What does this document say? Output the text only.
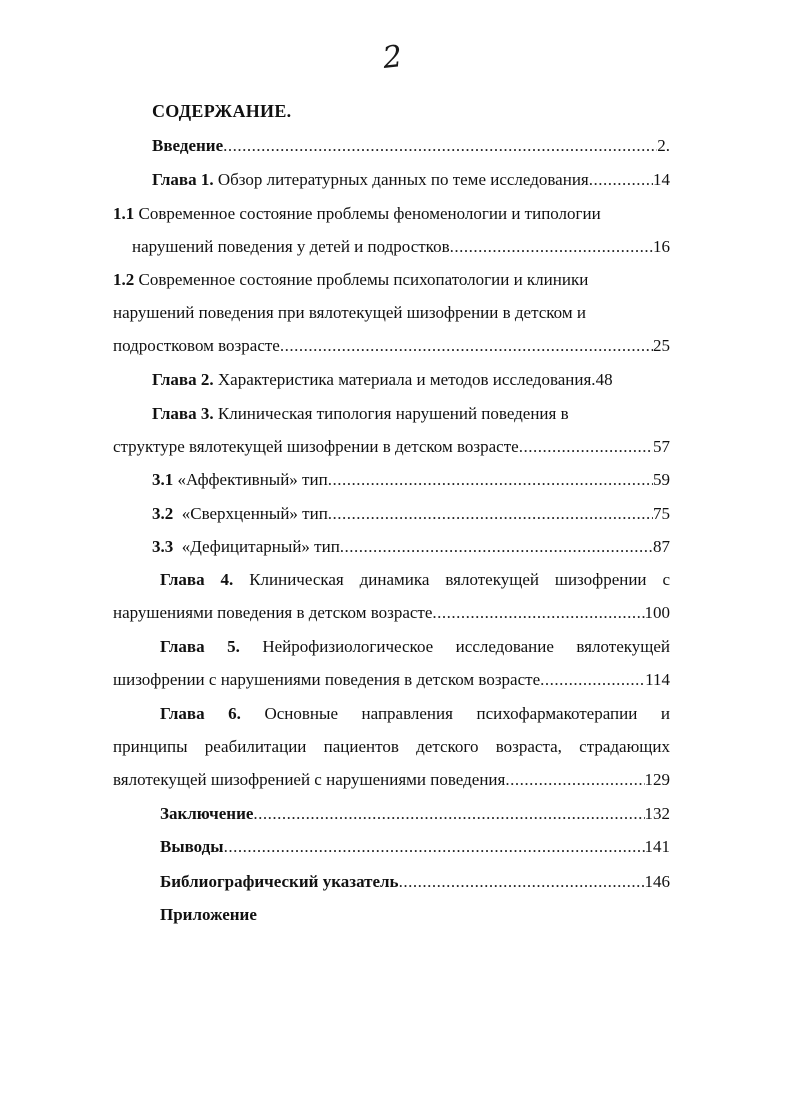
2
СОДЕРЖАНИЕ.
Введение .....	2.
Глава 1. Обзор литературных данных по теме исследования .....	14
1.1 Современное состояние проблемы феноменологии и типологии
нарушений поведения у детей и подростков .....	16
1.2 Современное состояние проблемы психопатологии и клиники
нарушений поведения при вялотекущей шизофрении в детском и
подростковом возрасте .....	25
Глава 2. Характеристика материала и методов исследования.48
Глава 3. Клиническая типология нарушений поведения в
структуре вялотекущей шизофрении в детском возрасте .....	57
3.1 «Аффективный» тип .....	59
3.2  «Сверхценный» тип .....	75
3.3  «Дефицитарный» тип .....	87
Глава 4. Клиническая динамика вялотекущей шизофрении с
нарушениями поведения в детском возрасте .....	100
Глава 5. Нейрофизиологическое исследование вялотекущей
шизофрении с нарушениями поведения в детском возрасте .....	114
Глава 6. Основные направления психофармакотерапии и
принципы реабилитации пациентов детского возраста, страдающих
вялотекущей шизофренией с нарушениями поведения .....	129
Заключение .....	132
Выводы .....	141
Библиографический указатель .....	146
Приложение
